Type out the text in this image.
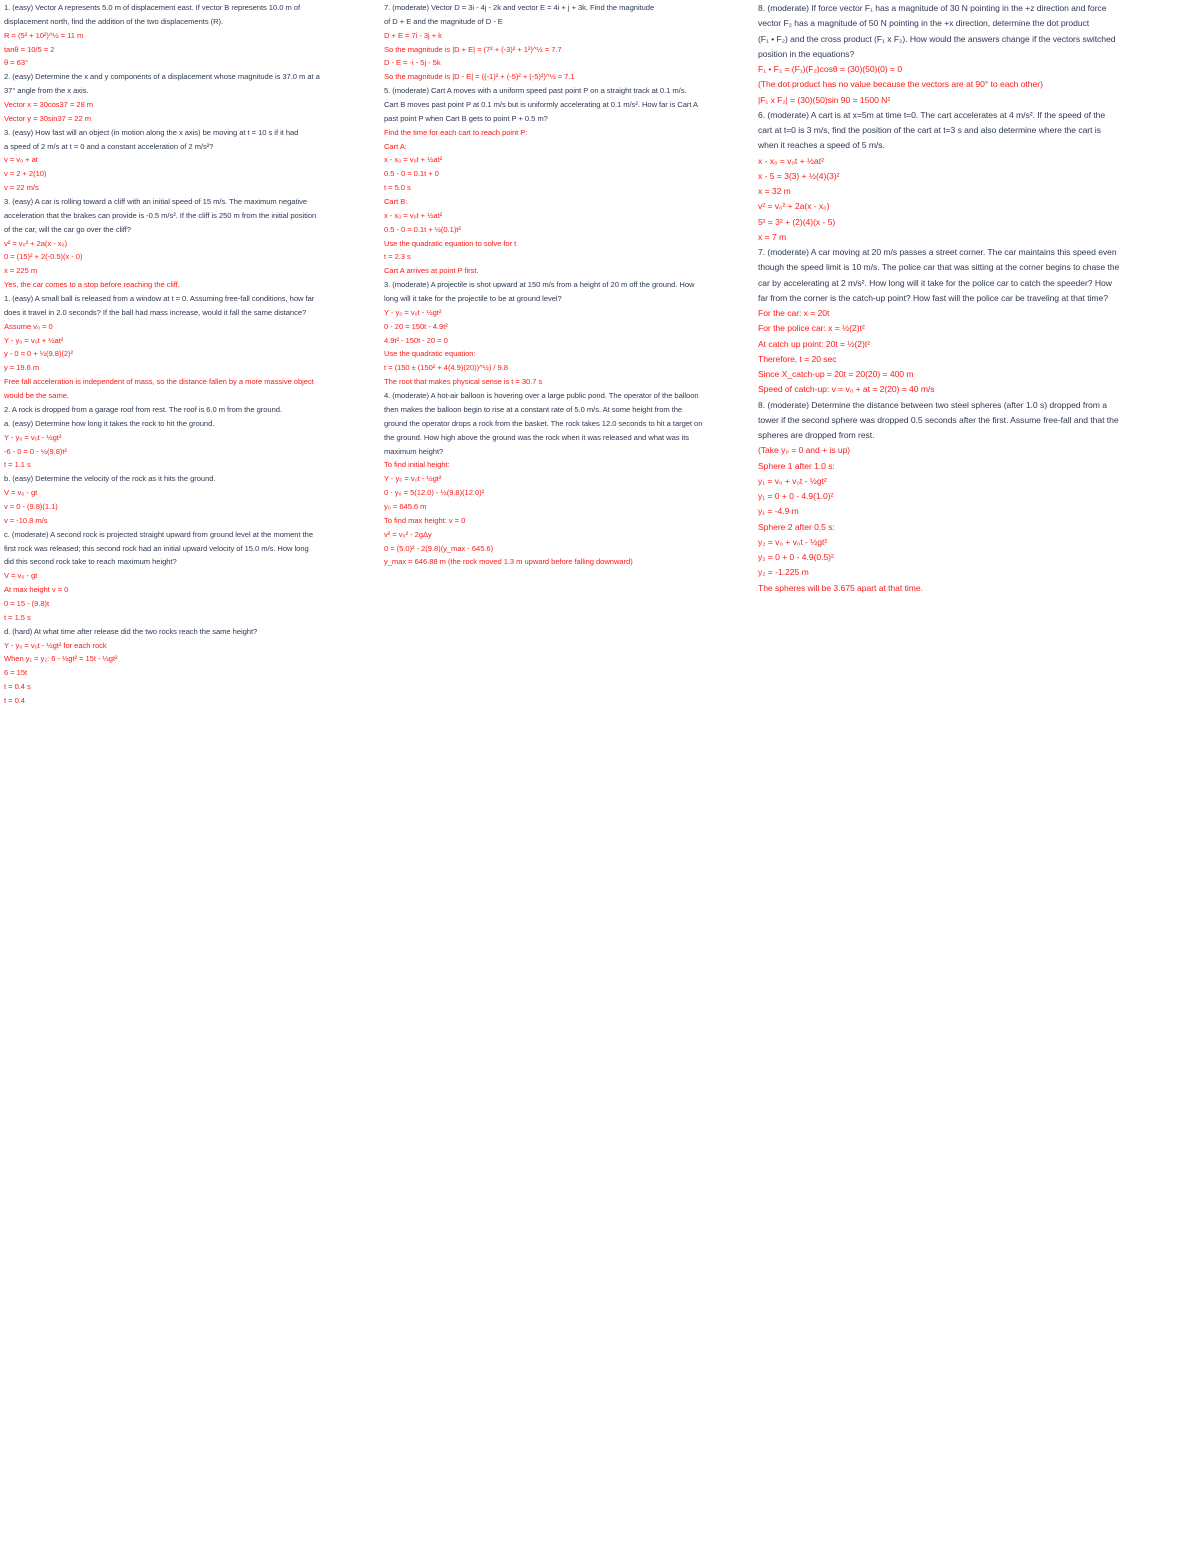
1. (easy) Vector A represents 5.0 m of displacement east. If vector B represents 10.0 m of
displacement north, find the addition of the two displacements (R).
R = (5² + 10²)^½ = 11 m
tanθ = 10/5 = 2
θ = 63°
2. (easy) Determine the x and y components of a displacement whose magnitude is 37.0 m at a
37° angle from the x axis.
Vector x = 30cos37 = 28 m
Vector y = 30sin37 = 22 m
3. (easy) How fast will an object (in motion along the x axis) be moving at t = 10 s if it had
a speed of 2 m/s at t = 0 and a constant acceleration of 2 m/s²?
v = v₀ + at
v = 2 + 2(10)
v = 22 m/s
3. (easy) A car is rolling toward a cliff with an initial speed of 15 m/s. The maximum negative
acceleration that the brakes can provide is -0.5 m/s². If the cliff is 250 m from the initial position
of the car, will the car go over the cliff?
v² = v₀² + 2a(x - x₀)
0 = (15)² + 2(-0.5)(x - 0)
x = 225 m
Yes, the car comes to a stop before reaching the cliff.
1. (easy) A small ball is released from a window at t = 0. Assuming free-fall conditions, how far
does it travel in 2.0 seconds? If the ball had mass increase, would it fall the same distance?
Assume v₀ = 0
Y - y₀ = v₀t + ½at²
y - 0 = 0 + ½(9.8)(2)²
y = 19.6 m
Free fall acceleration is independent of mass, so the distance fallen by a more massive object
would be the same.
2. A rock is dropped from a garage roof from rest. The roof is 6.0 m from the ground.
a. (easy) Determine how long it takes the rock to hit the ground.
Y - y₀ = v₀t - ½gt²
-6 - 0 = 0 - ½(9.8)t²
t = 1.1 s
b. (easy) Determine the velocity of the rock as it hits the ground.
V = v₀ - gt
v = 0 - (9.8)(1.1)
v = -10.8 m/s
c. (moderate) A second rock is projected straight upward from ground level at the moment the
first rock was released; this second rock had an initial upward velocity of 15.0 m/s. How long
did this second rock take to reach maximum height?
V = v₀ - gt
At max height v = 0
0 = 15 - (9.8)t
t = 1.5 s
d. (hard) At what time after release did the two rocks reach the same height?
Y - y₀ = v₀t - ½gt² for each rock
When y₁ = y₂: 6 - ½gt² = 15t - ½gt²
6 = 15t
t = 0.4 s
t = 0.4
7. (moderate) Vector D = 3i - 4j - 2k and vector E = 4i + j + 3k. Find the magnitude
of D + E and the magnitude of D - E
D + E = 7i - 3j + k
So the magnitude is |D + E| = (7² + (-3)² + 1²)^½ = 7.7
D - E = -i - 5j - 5k
So the magnitude is |D - E| = ((-1)² + (-5)² + (-5)²)^½ = 7.1
5. (moderate) Cart A moves with a uniform speed past point P on a straight track at 0.1 m/s.
Cart B moves past point P at 0.1 m/s but is uniformly accelerating at 0.1 m/s². How far is Cart A
past point P when Cart B gets to point P + 0.5 m?
Find the time for each cart to reach point P:
Cart A:
x - x₀ = v₀t + ½at²
0.5 - 0 = 0.1t + 0
t = 5.0 s
Cart B:
x - x₀ = v₀t + ½at²
0.5 - 0 = 0.1t + ½(0.1)t²
Use the quadratic equation to solve for t
t = 2.3 s
Cart A arrives at point P first.
3. (moderate) A projectile is shot upward at 150 m/s from a height of 20 m off the ground. How
long will it take for the projectile to be at ground level?
Y - y₀ = v₀t - ½gt²
0 - 20 = 150t - 4.9t²
4.9t² - 150t - 20 = 0
Use the quadratic equation:
t = (150 ± (150² + 4(4.9)(20))^½) / 9.8
The root that makes physical sense is t = 30.7 s
4. (moderate) A hot-air balloon is hovering over a large public pond. The operator of the balloon
then makes the balloon begin to rise at a constant rate of 5.0 m/s. At some height from the
ground the operator drops a rock from the basket. The rock takes 12.0 seconds to hit a target on
the ground. How high above the ground was the rock when it was released and what was its
maximum height?
To find initial height:
Y - y₀ = v₀t - ½gt²
0 - y₀ = 5(12.0) - ½(9.8)(12.0)²
y₀ = 645.6 m
To find max height: v = 0
v² = v₀² - 2gΔy
0 = (5.0)² - 2(9.8)(y_max - 645.6)
y_max = 646.88 m (the rock moved 1.3 m upward before falling downward)
8. (moderate) If force vector F₁ has a magnitude of 30 N pointing in the +z direction and force
vector F₂ has a magnitude of 50 N pointing in the +x direction, determine the dot product
(F₁ • F₂) and the cross product (F₁ x F₂). How would the answers change if the vectors switched
position in the equations?
F₁ • F₂ = (F₁)(F₂)cosθ = (30)(50)(0) = 0
(The dot product has no value because the vectors are at 90° to each other)
|F₁ x F₂| = (30)(50)sin 90 = 1500 N²
6. (moderate) A cart is at x=5m at time t=0. The cart accelerates at 4 m/s². If the speed of the
cart at t=0 is 3 m/s, find the position of the cart at t=3 s and also determine where the cart is
when it reaches a speed of 5 m/s.
x - x₀ = v₀t + ½at²
x - 5 = 3(3) + ½(4)(3)²
x = 32 m
v² = v₀² + 2a(x - x₀)
5² = 3² + (2)(4)(x - 5)
x = 7 m
7. (moderate) A car moving at 20 m/s passes a street corner. The car maintains this speed even
though the speed limit is 10 m/s. The police car that was sitting at the corner begins to chase the
car by accelerating at 2 m/s². How long will it take for the police car to catch the speeder? How
far from the corner is the catch-up point? How fast will the police car be traveling at that time?
For the car: x = 20t
For the police car: x = ½(2)t²
At catch up point: 20t = ½(2)t²
Therefore, t = 20 sec
Since X_catch-up = 20t = 20(20) = 400 m
Speed of catch-up: v = v₀ + at = 2(20) = 40 m/s
8. (moderate) Determine the distance between two steel spheres (after 1.0 s) dropped from a
tower if the second sphere was dropped 0.5 seconds after the first. Assume free-fall and that the
spheres are dropped from rest.
(Take y₀ = 0 and + is up)
Sphere 1 after 1.0 s:
y₁ = v₀ + v₀t - ½gt²
y₁ = 0 + 0 - 4.9(1.0)²
y₁ = -4.9 m
Sphere 2 after 0.5 s:
y₂ = v₀ + v₀t - ½gt²
y₂ = 0 + 0 - 4.9(0.5)²
y₂ = -1.225 m
The spheres will be 3.675 apart at that time.
